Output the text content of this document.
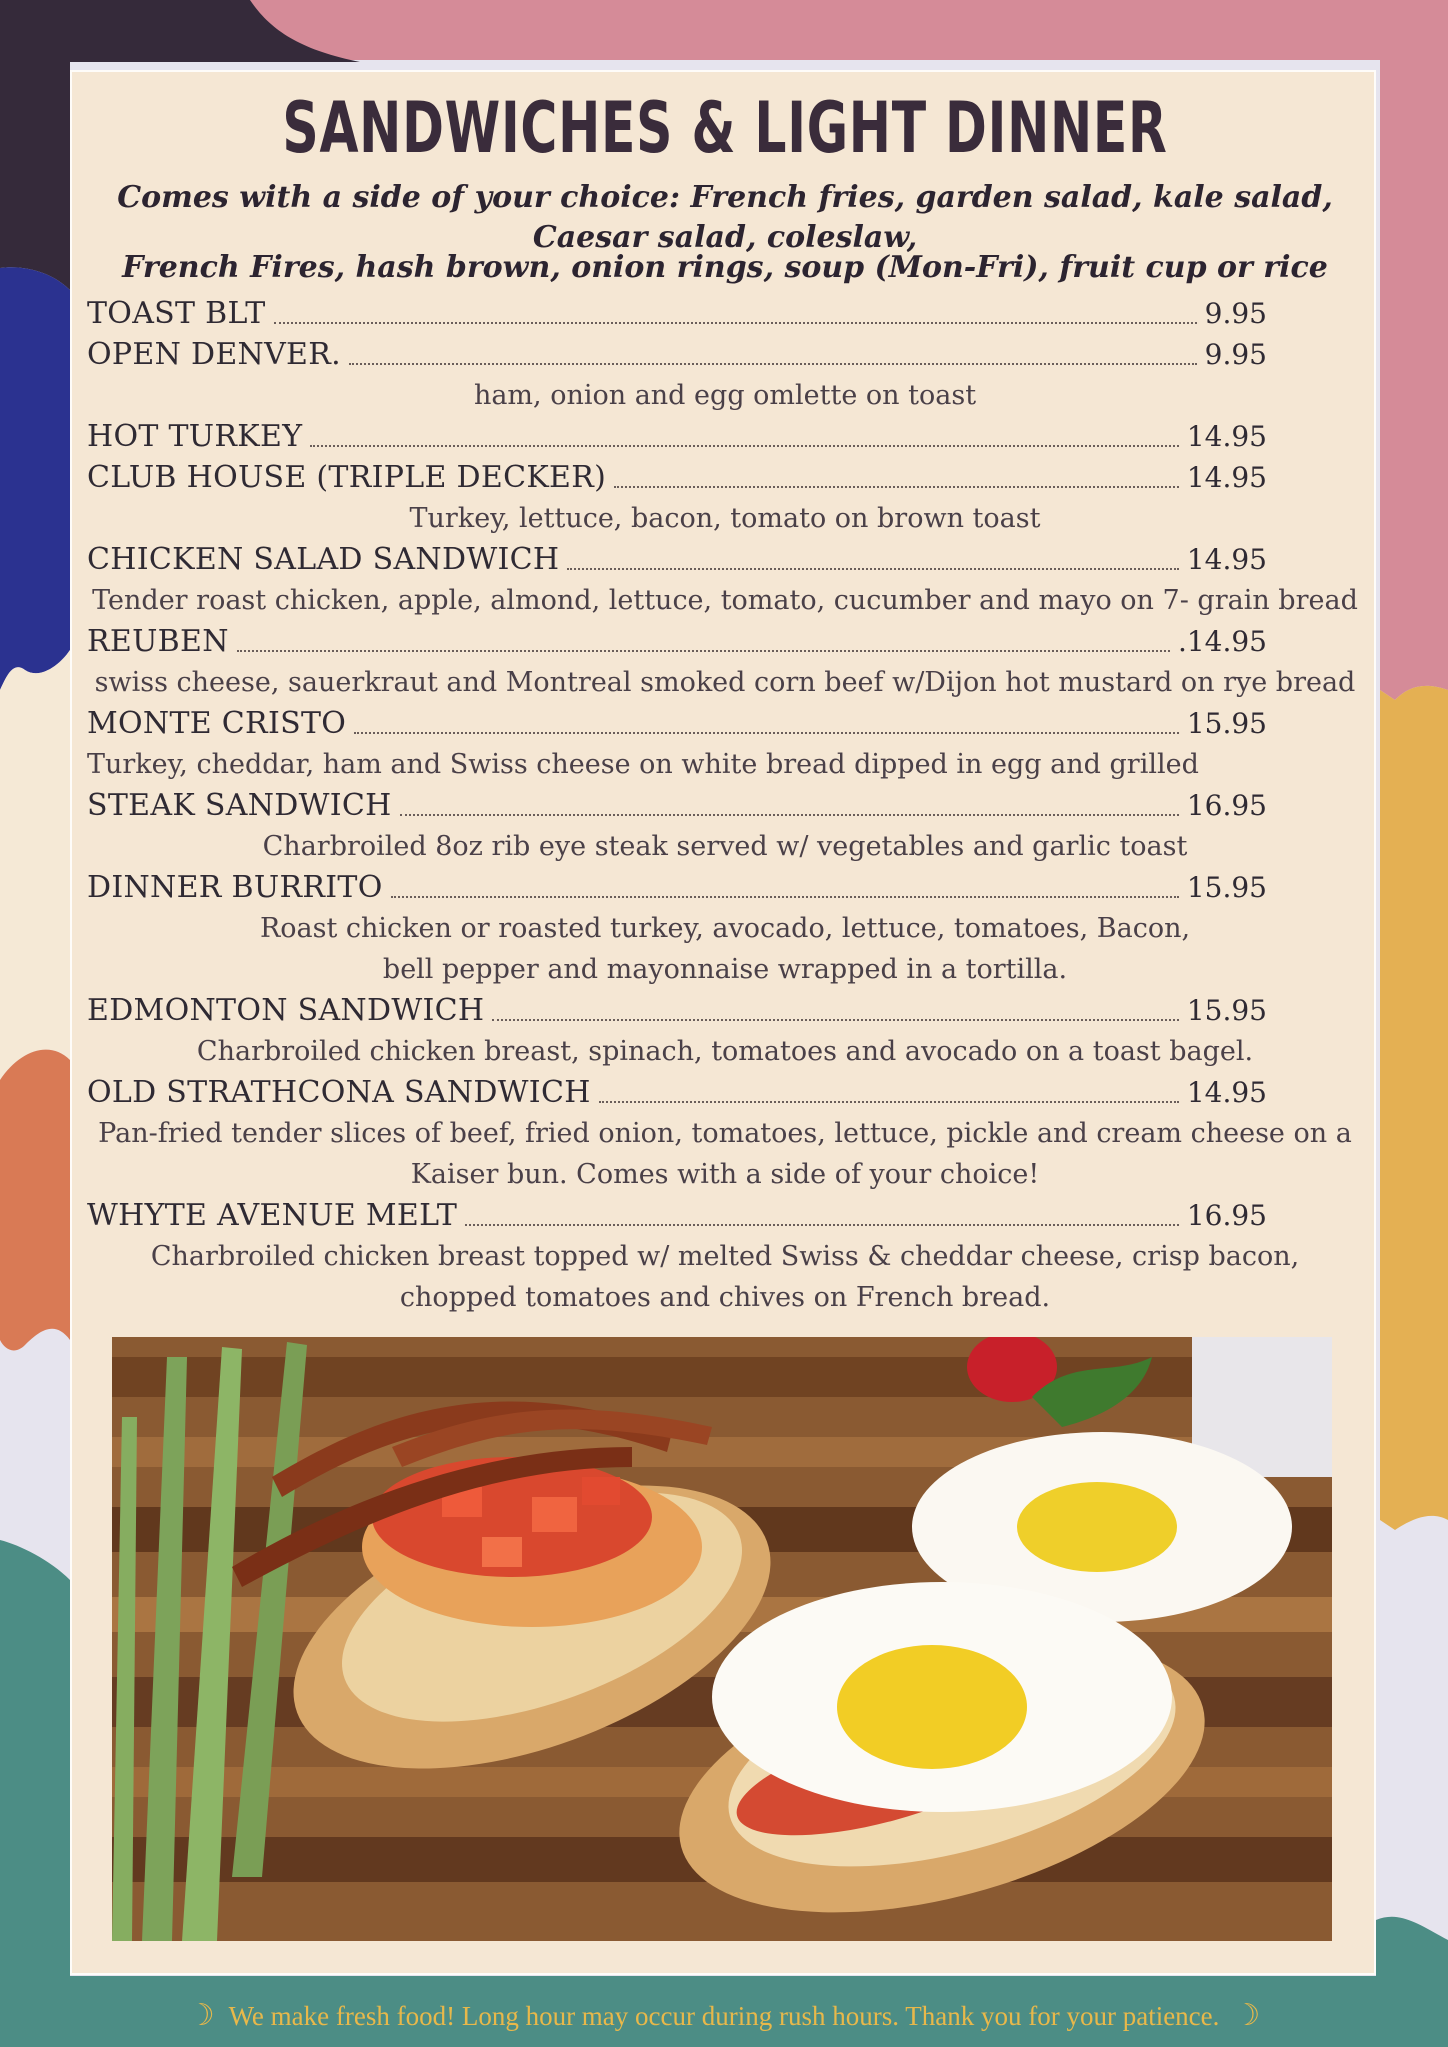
SANDWICHES & LIGHT DINNER
Comes with a side of your choice: French fries, garden salad, kale salad, Caesar salad, coleslaw,
French Fires, hash brown, onion rings, soup (Mon-Fri), fruit cup or rice
TOAST BLT	9.95
OPEN DENVER.	9.95
ham, onion and egg omlette on toast
HOT TURKEY	14.95
CLUB HOUSE (TRIPLE DECKER)	14.95
Turkey, lettuce, bacon, tomato on brown toast
CHICKEN SALAD SANDWICH	14.95
Tender roast chicken, apple, almond, lettuce, tomato, cucumber and mayo on 7- grain bread
REUBEN	.14.95
swiss cheese, sauerkraut and Montreal smoked corn beef w/Dijon hot mustard on rye bread
MONTE CRISTO	15.95
Turkey, cheddar, ham and Swiss cheese on white bread dipped in egg and grilled
STEAK SANDWICH	16.95
Charbroiled 8oz rib eye steak served w/ vegetables and garlic toast
DINNER BURRITO	15.95
Roast chicken or roasted turkey, avocado, lettuce, tomatoes, Bacon,
bell pepper and mayonnaise wrapped in a tortilla.
EDMONTON SANDWICH	15.95
Charbroiled chicken breast, spinach, tomatoes and avocado on a toast bagel.
OLD STRATHCONA SANDWICH	14.95
Pan-fried tender slices of beef, fried onion, tomatoes, lettuce, pickle and cream cheese on a
Kaiser bun. Comes with a side of your choice!
WHYTE AVENUE MELT	16.95
Charbroiled chicken breast topped w/ melted Swiss & cheddar cheese, crisp bacon,
chopped tomatoes and chives on French bread.
☽ We make fresh food! Long hour may occur during rush hours. Thank you for your patience. ☽
